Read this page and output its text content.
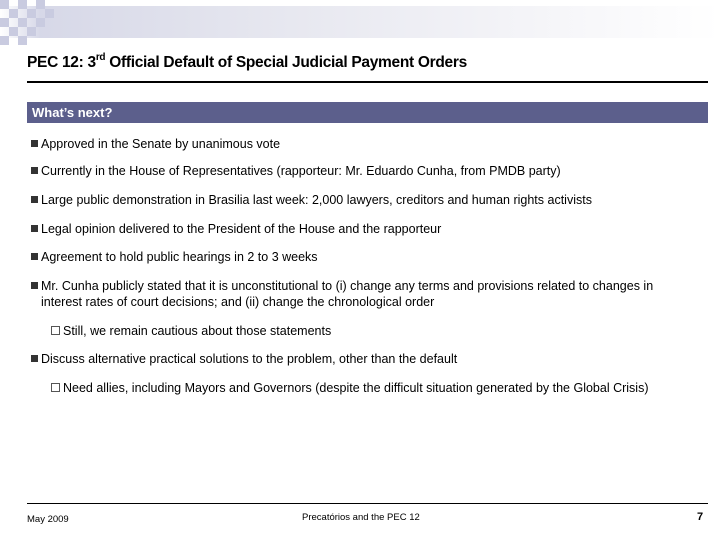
PEC 12: 3rd Official Default of Special Judicial Payment Orders
What’s next?
Approved in the Senate by unanimous vote
Currently in the House of Representatives (rapporteur: Mr. Eduardo Cunha, from PMDB party)
Large public demonstration in Brasilia last week: 2,000 lawyers, creditors and human rights activists
Legal opinion delivered to the President of the House and the rapporteur
Agreement to hold public hearings in 2 to 3 weeks
Mr. Cunha publicly stated that it is unconstitutional to (i) change any terms and provisions related to changes in interest rates of court decisions; and (ii) change the chronological order
Still, we remain cautious about those statements
Discuss alternative practical solutions to the problem, other than the default
Need allies, including Mayors and Governors (despite the difficult situation generated by the Global Crisis)
May 2009	Precatórios and the PEC 12	7
